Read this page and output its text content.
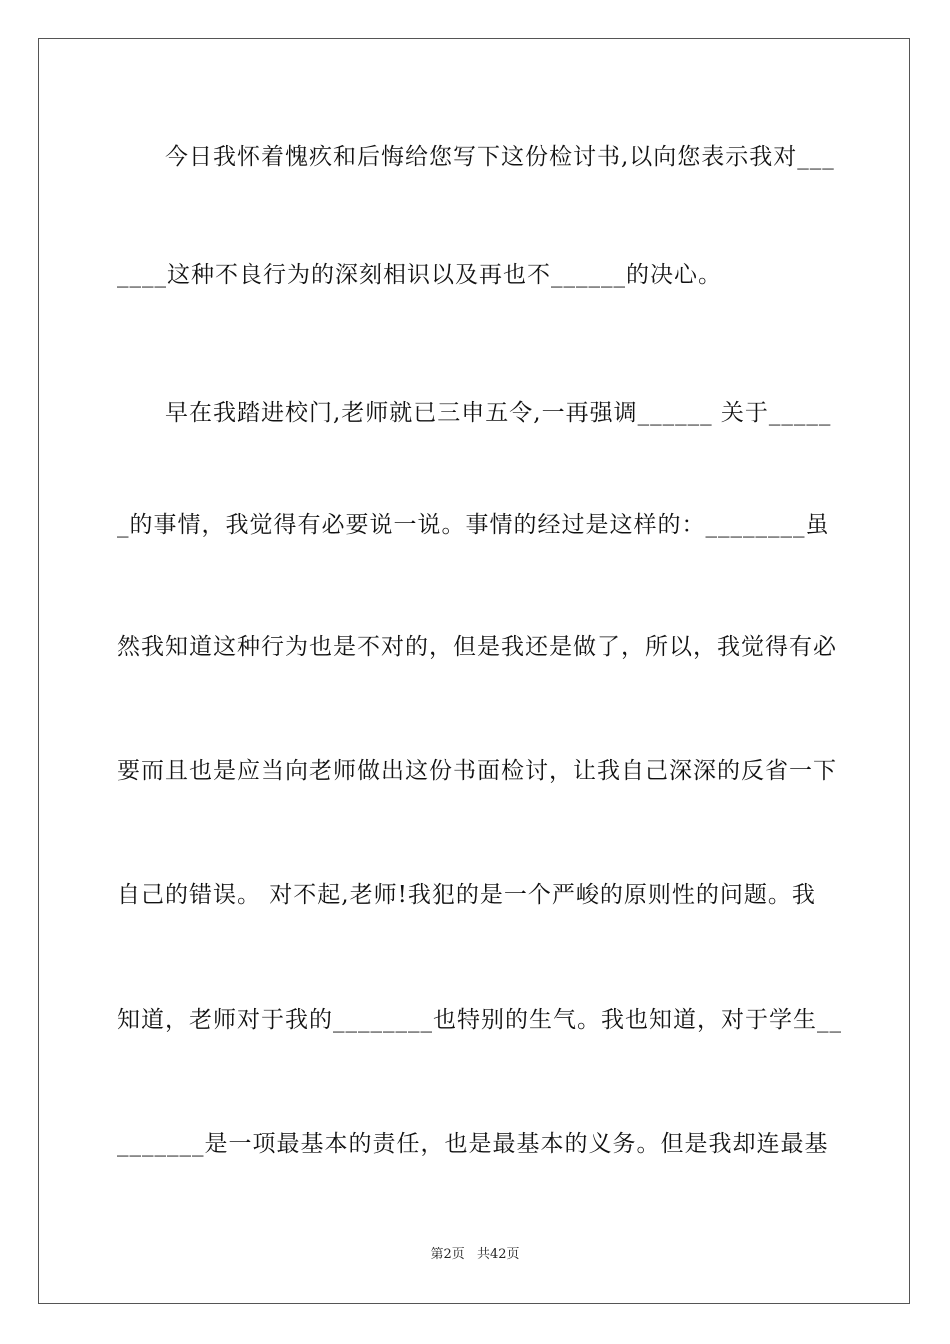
　　今日我怀着愧疚和后悔给您写下这份检讨书,以向您表示我对___
____这种不良行为的深刻相识以及再也不______的决心。
　　早在我踏进校门,老师就已三申五令,一再强调______ 关于_____
_的事情，我觉得有必要说一说。事情的经过是这样的：________虽
然我知道这种行为也是不对的，但是我还是做了，所以，我觉得有必
要而且也是应当向老师做出这份书面检讨，让我自己深深的反省一下
自己的错误。 对不起,老师!我犯的是一个严峻的原则性的问题。我
知道，老师对于我的________也特别的生气。我也知道，对于学生__
_______是一项最基本的责任，也是最基本的义务。但是我却连最基
第2页 共42页
